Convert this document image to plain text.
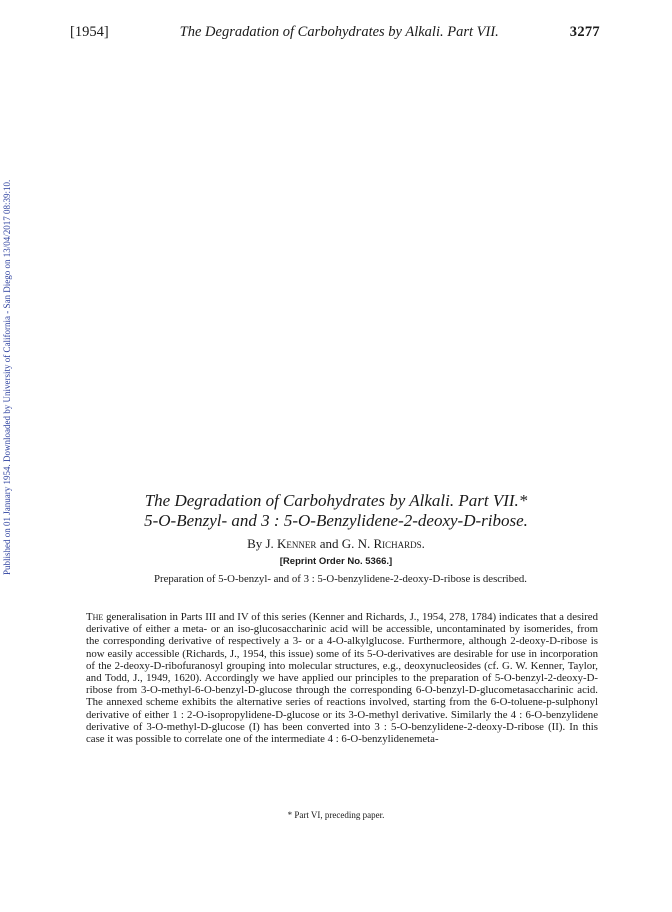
[1954]	The Degradation of Carbohydrates by Alkali. Part VII.	3277
Published on 01 January 1954. Downloaded by University of California - San Diego on 13/04/2017 08:39:10.	The Degradation of Carbohydrates by Alkali. Part VII.*
5-O-Benzyl- and 3 : 5-O-Benzylidene-2-deoxy-D-ribose.
By J. Kenner and G. N. Richards.
[Reprint Order No. 5366.]
Preparation of 5-O-benzyl- and of 3 : 5-O-benzylidene-2-deoxy-D-ribose is described.
The generalisation in Parts III and IV of this series (Kenner and Richards, J., 1954, 278, 1784) indicates that a desired derivative of either a meta- or an iso-glucosaccharinic acid will be accessible, uncontaminated by isomerides, from the corresponding derivative of respectively a 3- or a 4-O-alkylglucose. Furthermore, although 2-deoxy-D-ribose is now easily accessible (Richards, J., 1954, this issue) some of its 5-O-derivatives are desirable for use in incorporation of the 2-deoxy-D-ribofuranosyl grouping into molecular structures, e.g., deoxynucleosides (cf. G. W. Kenner, Taylor, and Todd, J., 1949, 1620). Accordingly we have applied our principles to the preparation of 5-O-benzyl-2-deoxy-D-ribose from 3-O-methyl-6-O-benzyl-D-glucose through the corresponding 6-O-benzyl-D-glucometasaccharinic acid. The annexed scheme exhibits the alternative series of reactions involved, starting from the 6-O-toluene-p-sulphonyl derivative of either 1 : 2-O-isopropylidene-D-glucose or its 3-O-methyl derivative. Similarly the 4 : 6-O-benzylidene derivative of 3-O-methyl-D-glucose (I) has been converted into 3 : 5-O-benzylidene-2-deoxy-D-ribose (II). In this case it was possible to correlate one of the intermediate 4 : 6-O-benzylidenemeta-
* Part VI, preceding paper.
